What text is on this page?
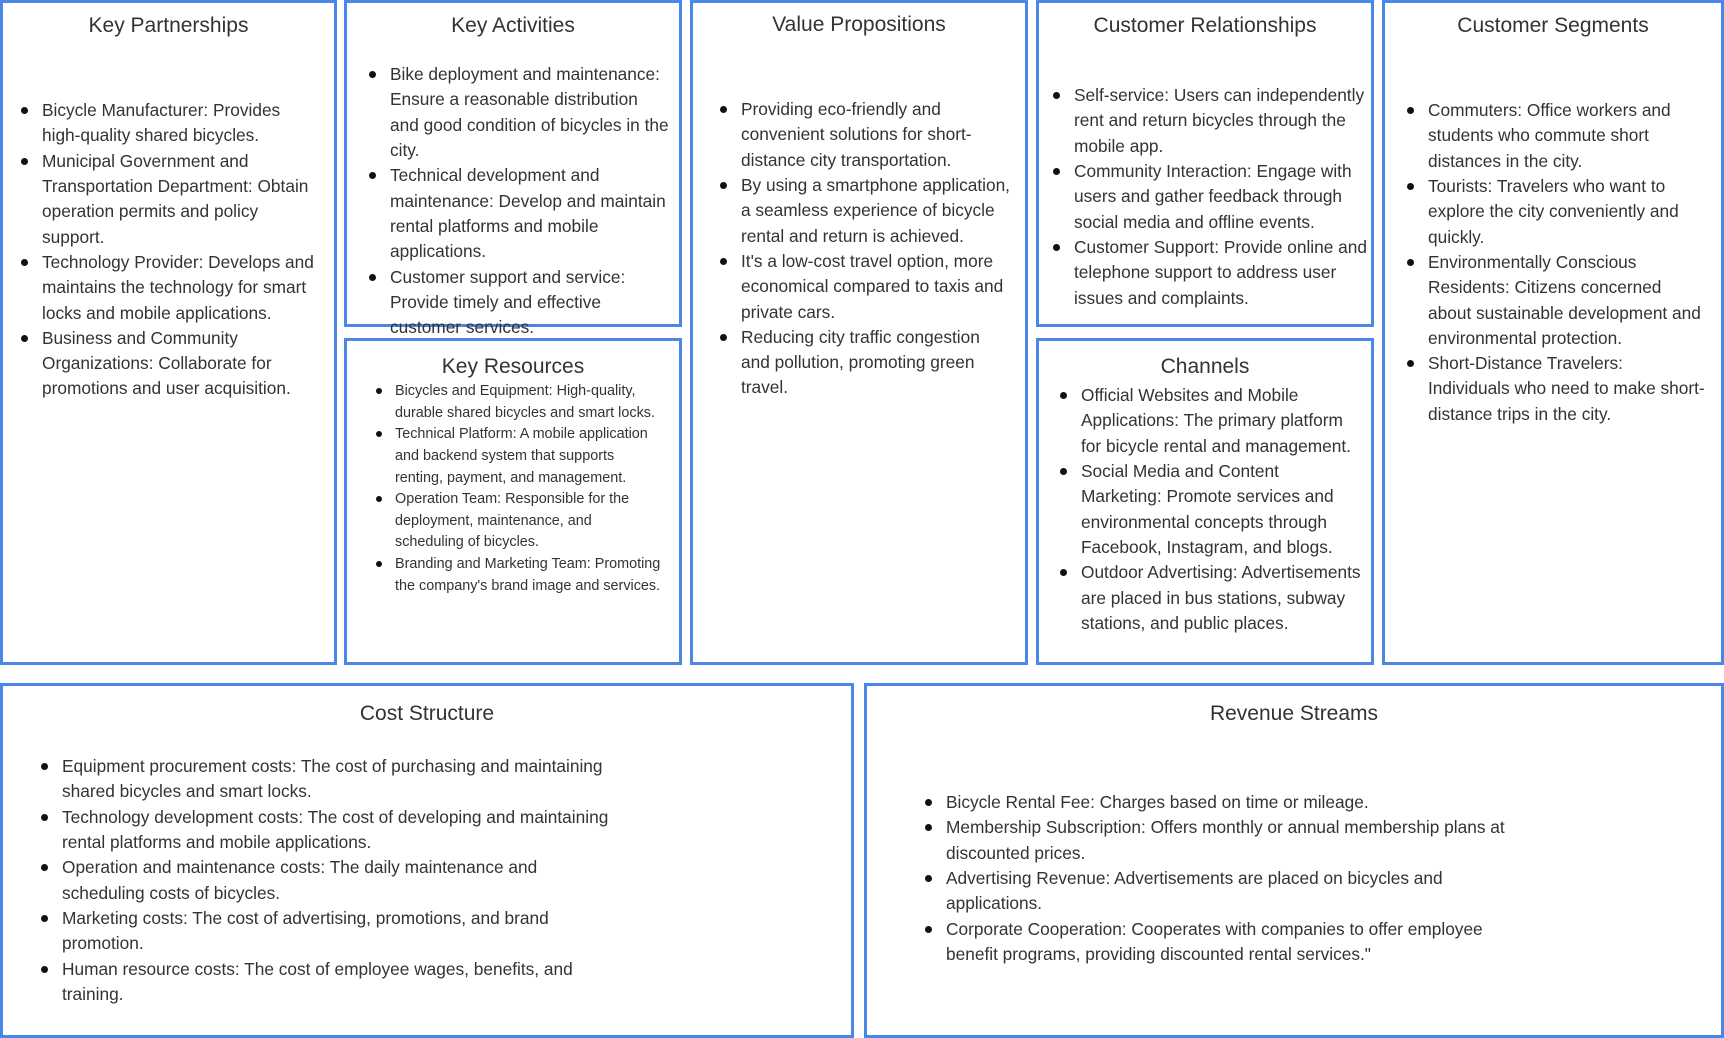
Key Partnerships
Bicycle Manufacturer: Provides high-quality shared bicycles.
Municipal Government and Transportation Department: Obtain operation permits and policy support.
Technology Provider: Develops and maintains the technology for smart locks and mobile applications.
Business and Community Organizations: Collaborate for promotions and user acquisition.
Key Activities
Bike deployment and maintenance: Ensure a reasonable distribution and good condition of bicycles in the city.
Technical development and maintenance: Develop and maintain rental platforms and mobile applications.
Customer support and service: Provide timely and effective customer services.
Key Resources
Bicycles and Equipment: High-quality, durable shared bicycles and smart locks.
Technical Platform: A mobile application and backend system that supports renting, payment, and management.
Operation Team: Responsible for the deployment, maintenance, and scheduling of bicycles.
Branding and Marketing Team: Promoting the company's brand image and services.
Value Propositions
Providing eco-friendly and convenient solutions for short-distance city transportation.
By using a smartphone application, a seamless experience of bicycle rental and return is achieved.
It's a low-cost travel option, more economical compared to taxis and private cars.
Reducing city traffic congestion and pollution, promoting green travel.
Customer Relationships
Self-service: Users can independently rent and return bicycles through the mobile app.
Community Interaction: Engage with users and gather feedback through social media and offline events.
Customer Support: Provide online and telephone support to address user issues and complaints.
Channels
Official Websites and Mobile Applications: The primary platform for bicycle rental and management.
Social Media and Content Marketing: Promote services and environmental concepts through Facebook, Instagram, and blogs.
Outdoor Advertising: Advertisements are placed in bus stations, subway stations, and public places.
Customer Segments
Commuters: Office workers and students who commute short distances in the city.
Tourists: Travelers who want to explore the city conveniently and quickly.
Environmentally Conscious Residents: Citizens concerned about sustainable development and environmental protection.
Short-Distance Travelers: Individuals who need to make short-distance trips in the city.
Cost Structure
Equipment procurement costs: The cost of purchasing and maintaining shared bicycles and smart locks.
Technology development costs: The cost of developing and maintaining rental platforms and mobile applications.
Operation and maintenance costs: The daily maintenance and scheduling costs of bicycles.
Marketing costs: The cost of advertising, promotions, and brand promotion.
Human resource costs: The cost of employee wages, benefits, and training.
Revenue Streams
Bicycle Rental Fee: Charges based on time or mileage.
Membership Subscription: Offers monthly or annual membership plans at discounted prices.
Advertising Revenue: Advertisements are placed on bicycles and applications.
Corporate Cooperation: Cooperates with companies to offer employee benefit programs, providing discounted rental services."
